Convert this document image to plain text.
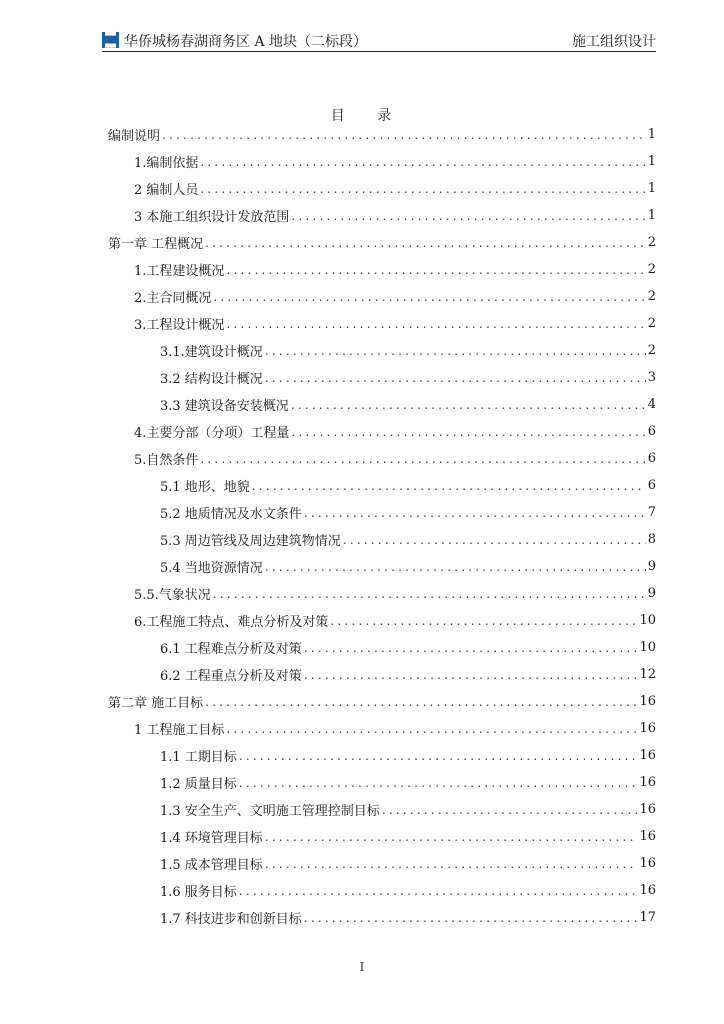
▀▀
▄▄ 华侨城杨春湖商务区 A 地块（二标段）	施工组织设计
目 录
编制说明 .....	1
1.编制依据 .....	1
2 编制人员 .....	1
3 本施工组织设计发放范围 .....	1
第一章 工程概况 .....	2
1.工程建设概况 .....	2
2.主合同概况 .....	2
3.工程设计概况 .....	2
3.1.建筑设计概况 .....	2
3.2 结构设计概况 .....	3
3.3 建筑设备安装概况 .....	4
4.主要分部（分项）工程量 .....	6
5.自然条件 .....	6
5.1 地形、地貌 .....	6
5.2 地质情况及水文条件 .....	7
5.3 周边管线及周边建筑物情况 .....	8
5.4 当地资源情况 .....	9
5.5.气象状况 .....	9
6.工程施工特点、难点分析及对策 .....	10
6.1 工程难点分析及对策 .....	10
6.2 工程重点分析及对策 .....	12
第二章 施工目标 .....	16
1 工程施工目标 .....	16
1.1 工期目标 .....	16
1.2 质量目标 .....	16
1.3 安全生产、文明施工管理控制目标 .....	16
1.4 环境管理目标 .....	16
1.5 成本管理目标 .....	16
1.6 服务目标 .....	16
1.7 科技进步和创新目标 .....	17
I
